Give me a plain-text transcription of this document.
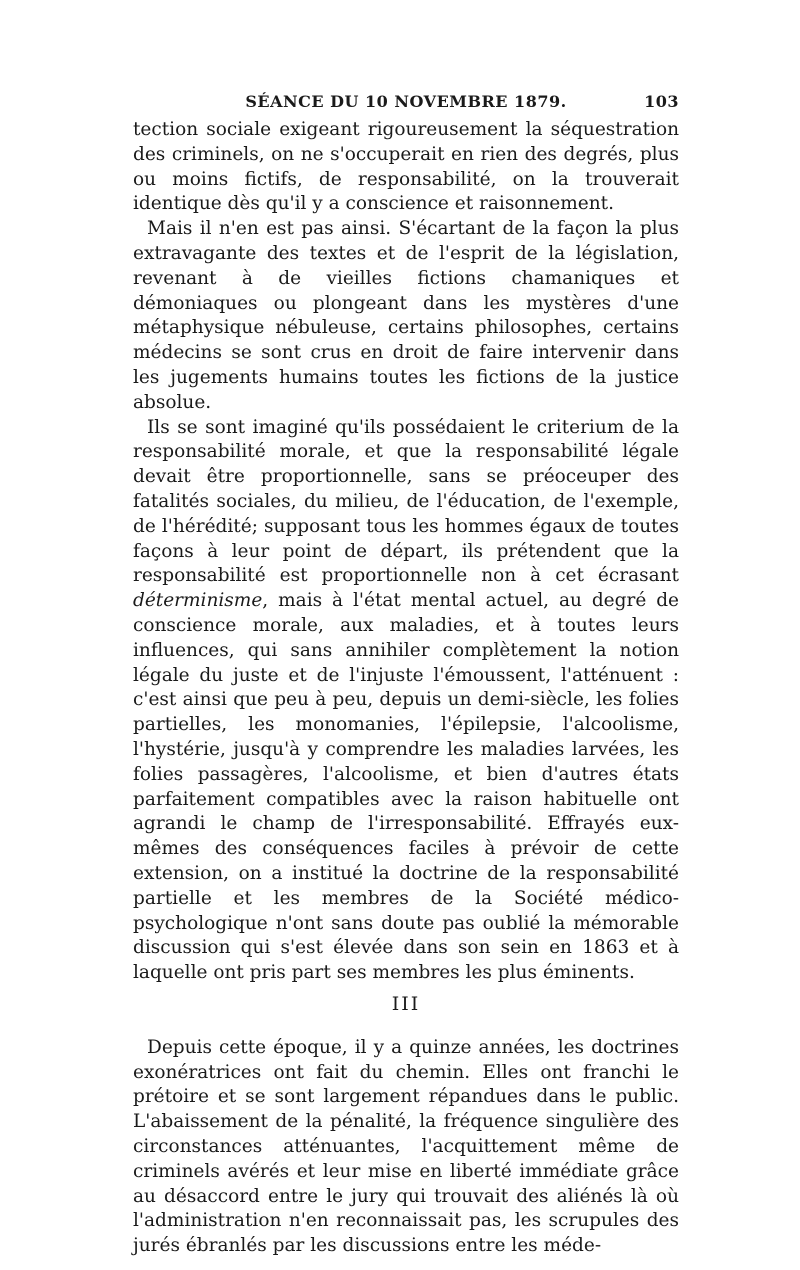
SÉANCE DU 10 NOVEMBRE 1879.	103

tection sociale exigeant rigoureusement la séquestration des criminels, on ne s'occuperait en rien des degrés, plus ou moins fictifs, de responsabilité, on la trouverait identique dès qu'il y a conscience et raisonnement.

Mais il n'en est pas ainsi. S'écartant de la façon la plus extravagante des textes et de l'esprit de la législation, revenant à de vieilles fictions chamaniques et démoniaques ou plongeant dans les mystères d'une métaphysique nébuleuse, certains philosophes, certains médecins se sont crus en droit de faire intervenir dans les jugements humains toutes les fictions de la justice absolue.

Ils se sont imaginé qu'ils possédaient le criterium de la responsabilité morale, et que la responsabilité légale devait être proportionnelle, sans se préoceuper des fatalités sociales, du milieu, de l'éducation, de l'exemple, de l'hérédité; supposant tous les hommes égaux de toutes façons à leur point de départ, ils prétendent que la responsabilité est proportionnelle non à cet écrasant déterminisme, mais à l'état mental actuel, au degré de conscience morale, aux maladies, et à toutes leurs influences, qui sans annihiler complètement la notion légale du juste et de l'injuste l'émoussent, l'atténuent : c'est ainsi que peu à peu, depuis un demi-siècle, les folies partielles, les monomanies, l'épilepsie, l'alcoolisme, l'hystérie, jusqu'à y comprendre les maladies larvées, les folies passagères, l'alcoolisme, et bien d'autres états parfaitement compatibles avec la raison habituelle ont agrandi le champ de l'irresponsabilité. Effrayés eux-mêmes des conséquences faciles à prévoir de cette extension, on a institué la doctrine de la responsabilité partielle et les membres de la Société médico-psychologique n'ont sans doute pas oublié la mémorable discussion qui s'est élevée dans son sein en 1863 et à laquelle ont pris part ses membres les plus éminents.

III

Depuis cette époque, il y a quinze années, les doctrines exonératrices ont fait du chemin. Elles ont franchi le prétoire et se sont largement répandues dans le public. L'abaissement de la pénalité, la fréquence singulière des circonstances atténuantes, l'acquittement même de criminels avérés et leur mise en liberté immédiate grâce au désaccord entre le jury qui trouvait des aliénés là où l'administration n'en reconnaissait pas, les scrupules des jurés ébranlés par les discussions entre les méde-
